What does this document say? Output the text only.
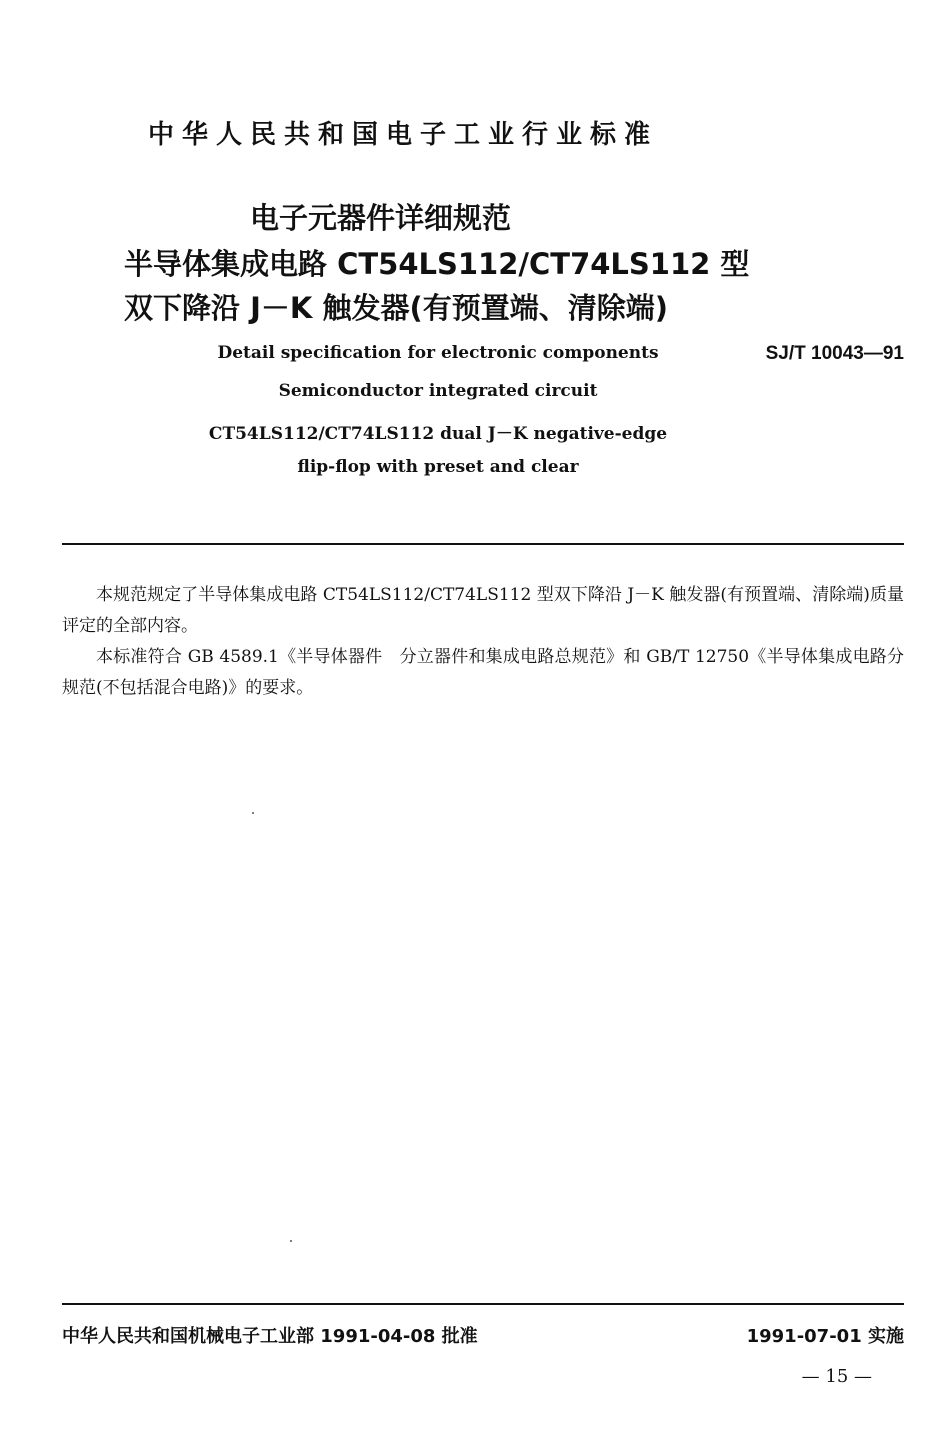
中华人民共和国电子工业行业标准
电子元器件详细规范
半导体集成电路 CT54LS112/CT74LS112 型
双下降沿 J－K 触发器(有预置端、清除端)
Detail specification for electronic components
Semiconductor integrated circuit
CT54LS112/CT74LS112 dual J－K negative-edge
flip-flop with preset and clear
SJ/T 10043—91

本规范规定了半导体集成电路 CT54LS112/CT74LS112 型双下降沿 J－K 触发器(有预置端、清除端)质量评定的全部内容。

本标准符合 GB 4589.1《半导体器件　分立器件和集成电路总规范》和 GB/T 12750《半导体集成电路分规范(不包括混合电路)》的要求。

中华人民共和国机械电子工业部 1991-04-08 批准	1991-07-01 实施
— 15 —
